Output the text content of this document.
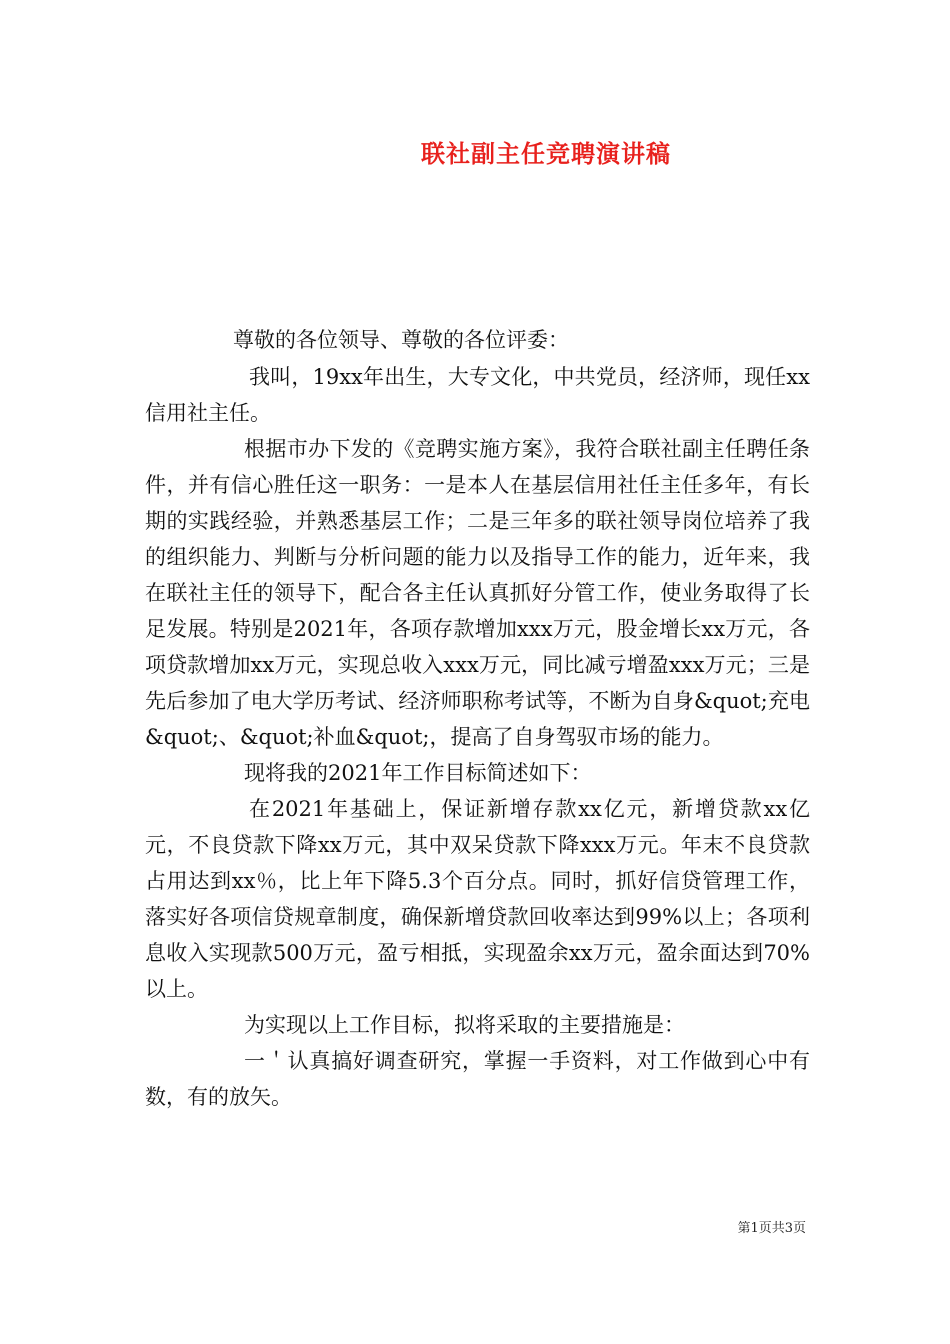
联社副主任竞聘演讲稿

尊敬的各位领导、尊敬的各位评委：

我叫，19xx年出生，大专文化，中共党员，经济师，现任xx信用社主任。

根据市办下发的《竞聘实施方案》，我符合联社副主任聘任条件，并有信心胜任这一职务：一是本人在基层信用社任主任多年，有长期的实践经验，并熟悉基层工作；二是三年多的联社领导岗位培养了我的组织能力、判断与分析问题的能力以及指导工作的能力，近年来，我在联社主任的领导下，配合各主任认真抓好分管工作，使业务取得了长足发展。特别是2021年，各项存款增加xxx万元，股金增长xx万元，各项贷款增加xx万元，实现总收入xxx万元，同比减亏增盈xxx万元；三是先后参加了电大学历考试、经济师职称考试等，不断为自身&quot;充电&quot;、&quot;补血&quot;，提高了自身驾驭市场的能力。

现将我的2021年工作目标简述如下：

在2021年基础上，保证新增存款xx亿元，新增贷款xx亿元，不良贷款下降xx万元，其中双呆贷款下降xxx万元。年末不良贷款占用达到xx％，比上年下降5.3个百分点。同时，抓好信贷管理工作，落实好各项信贷规章制度，确保新增贷款回收率达到99%以上；各项利息收入实现款500万元，盈亏相抵，实现盈余xx万元，盈余面达到70%以上。

为实现以上工作目标，拟将采取的主要措施是：

一＇认真搞好调查研究，掌握一手资料，对工作做到心中有数，有的放矢。

第1页共3页
